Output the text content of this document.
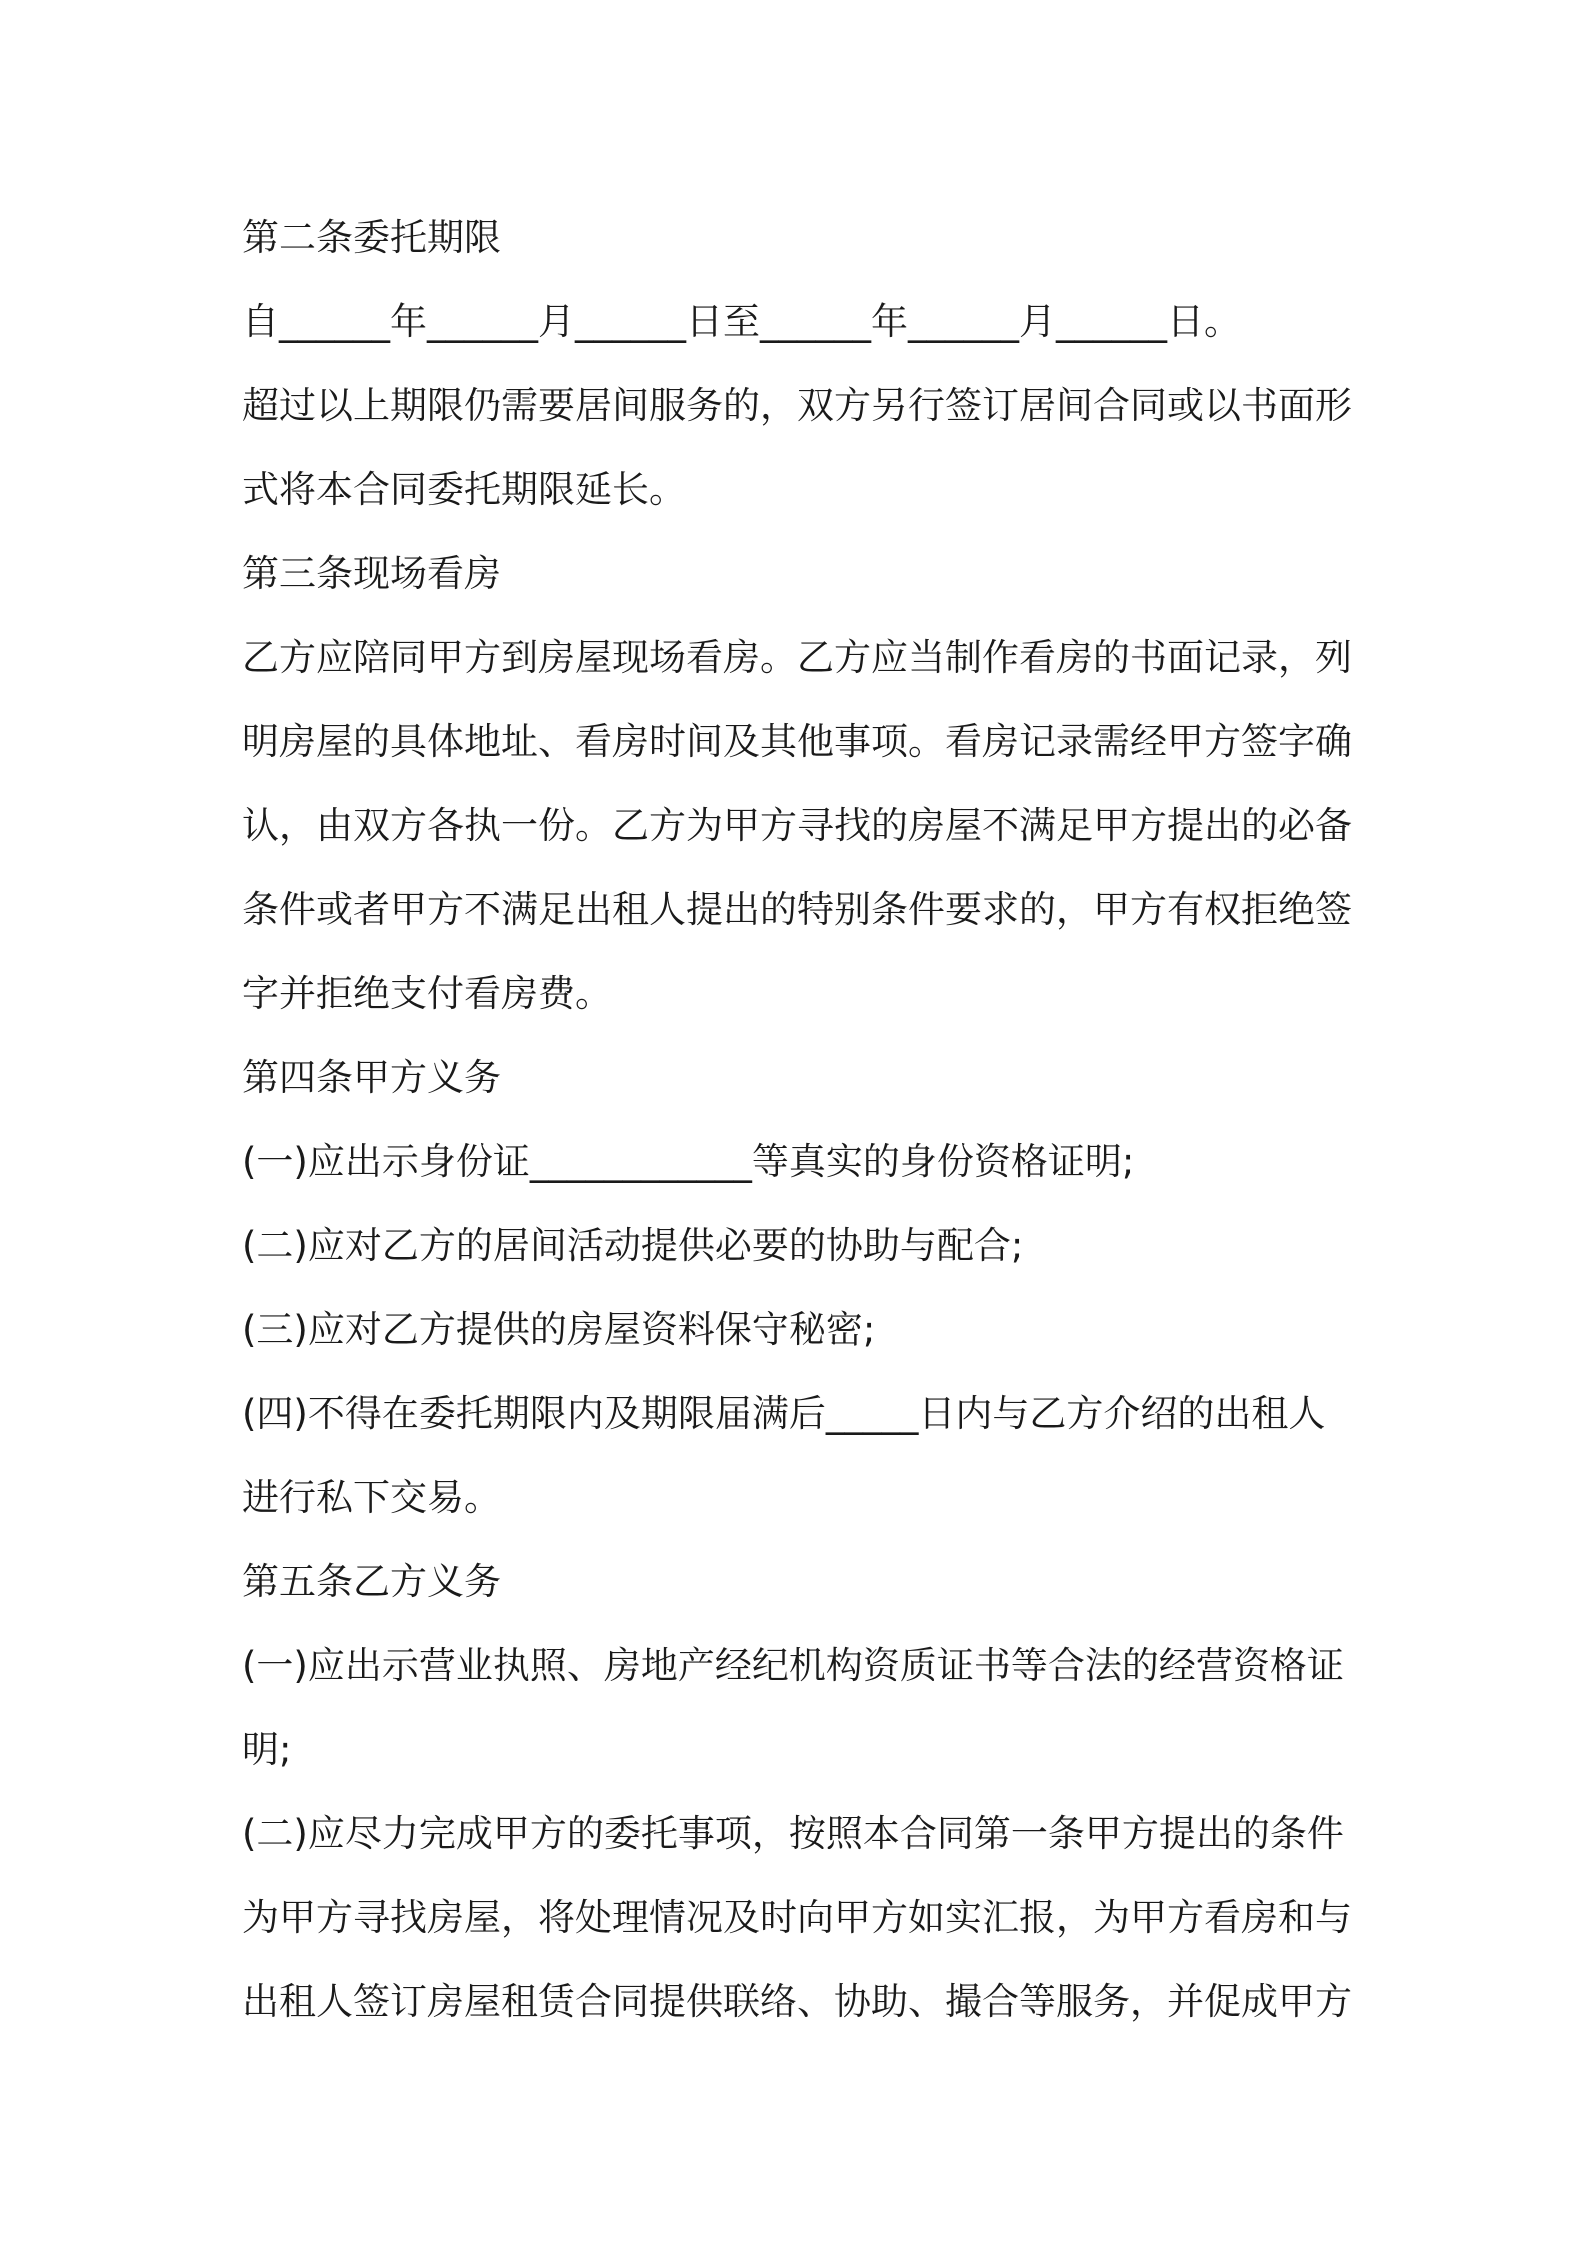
第二条委托期限
自______年______月______日至______年______月______日。
超过以上期限仍需要居间服务的，双方另行签订居间合同或以书面形
式将本合同委托期限延长。
第三条现场看房
乙方应陪同甲方到房屋现场看房。乙方应当制作看房的书面记录，列
明房屋的具体地址、看房时间及其他事项。看房记录需经甲方签字确
认，由双方各执一份。乙方为甲方寻找的房屋不满足甲方提出的必备
条件或者甲方不满足出租人提出的特别条件要求的，甲方有权拒绝签
字并拒绝支付看房费。
第四条甲方义务
(一)应出示身份证____________等真实的身份资格证明;
(二)应对乙方的居间活动提供必要的协助与配合;
(三)应对乙方提供的房屋资料保守秘密;
(四)不得在委托期限内及期限届满后_____日内与乙方介绍的出租人
进行私下交易。
第五条乙方义务
(一)应出示营业执照、房地产经纪机构资质证书等合法的经营资格证
明;
(二)应尽力完成甲方的委托事项，按照本合同第一条甲方提出的条件
为甲方寻找房屋，将处理情况及时向甲方如实汇报，为甲方看房和与
出租人签订房屋租赁合同提供联络、协助、撮合等服务，并促成甲方
